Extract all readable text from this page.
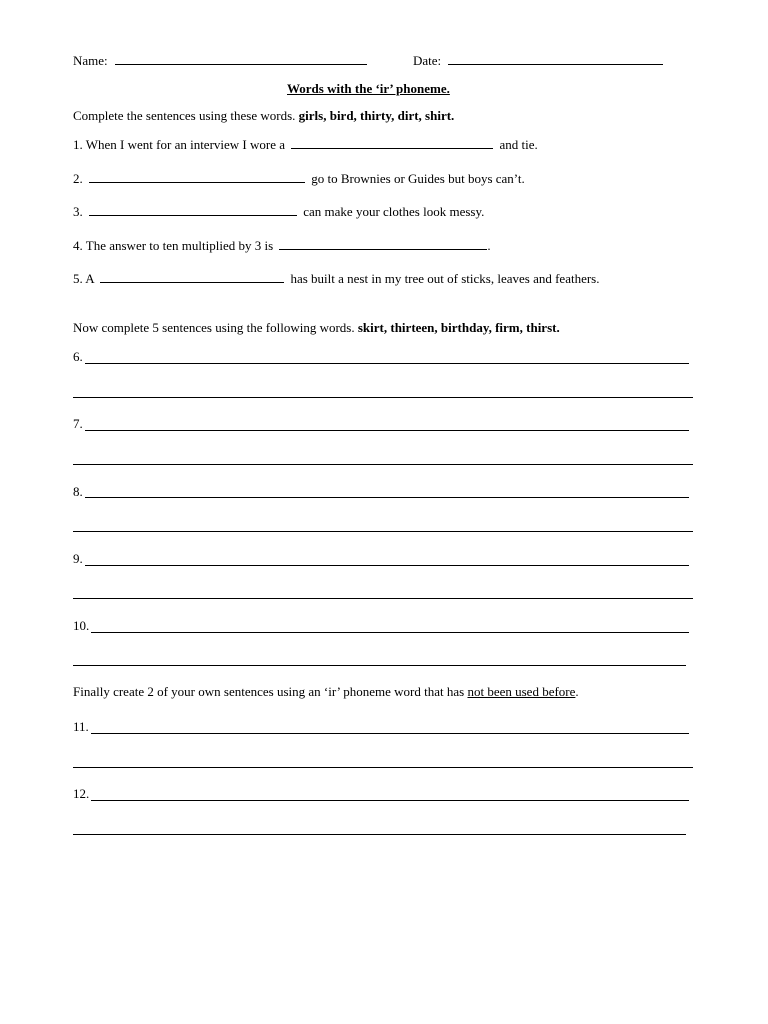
Name:	Date:
Words with the ‘ir’ phoneme.
Complete the sentences using these words. girls, bird, thirty, dirt, shirt.
1. When I went for an interview I wore a	and tie.
2.	go to Brownies or Guides but boys can’t.
3.	can make your clothes look messy.
4. The answer to ten multiplied by 3 is	.
5. A	has built a nest in my tree out of sticks, leaves and feathers.
Now complete 5 sentences using the following words. skirt, thirteen, birthday, firm, thirst.
6.
7.
8.
9.
10.
Finally create 2 of your own sentences using an ‘ir’ phoneme word that has not been used before.
11.
12.
